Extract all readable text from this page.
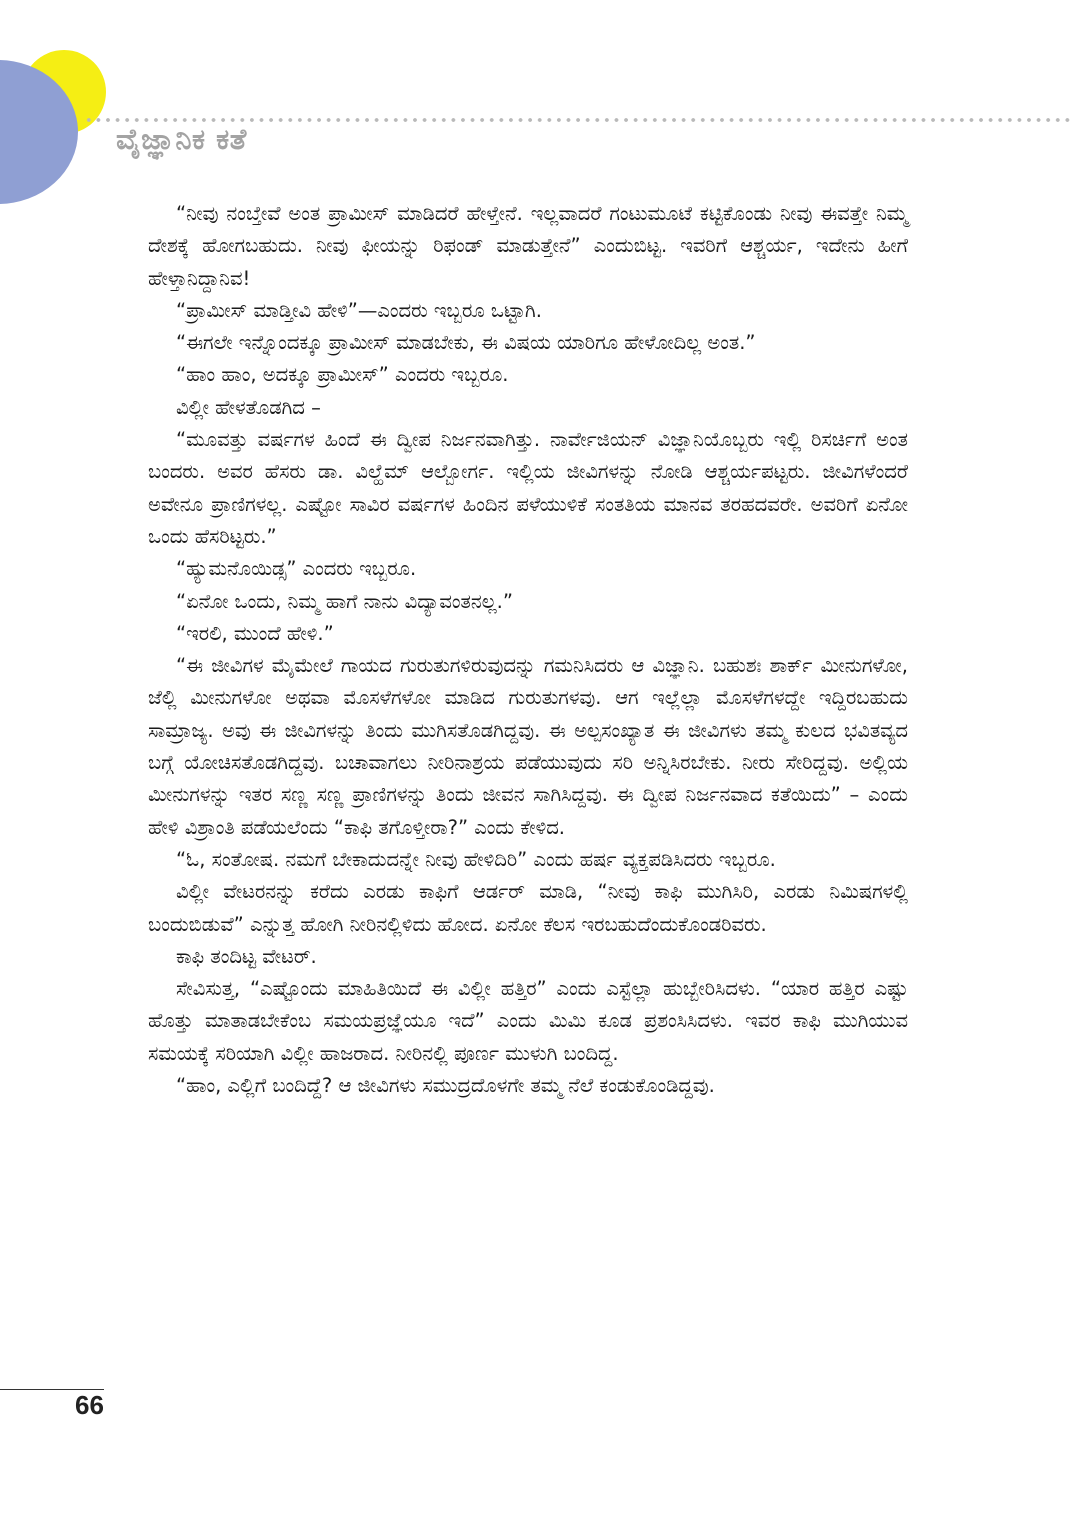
ವೈಜ್ಞಾನಿಕ ಕತೆ

“ನೀವು ನಂಬ್ತೇವೆ ಅಂತ ಪ್ರಾಮೀಸ್ ಮಾಡಿದರೆ ಹೇಳ್ತೇನೆ. ಇಲ್ಲವಾದರೆ ಗಂಟುಮೂಟೆ ಕಟ್ಟಿಕೊಂಡು ನೀವು ಈವತ್ತೇ ನಿಮ್ಮ ದೇಶಕ್ಕೆ ಹೋಗಬಹುದು. ನೀವು ಫೀಯನ್ನು ರಿಫಂಡ್ ಮಾಡುತ್ತೇನೆ” ಎಂದುಬಿಟ್ಟ. ಇವರಿಗೆ ಆಶ್ಚರ್ಯ, ಇದೇನು ಹೀಗೆ ಹೇಳ್ತಾನಿದ್ದಾನಿವ!

“ಪ್ರಾಮೀಸ್ ಮಾಡ್ತೀವಿ ಹೇಳಿ”—ಎಂದರು ಇಬ್ಬರೂ ಒಟ್ಟಾಗಿ.

“ಈಗಲೇ ಇನ್ನೊಂದಕ್ಕೂ ಪ್ರಾಮೀಸ್ ಮಾಡಬೇಕು, ಈ ವಿಷಯ ಯಾರಿಗೂ ಹೇಳೋದಿಲ್ಲ ಅಂತ.”

“ಹಾಂ ಹಾಂ, ಅದಕ್ಕೂ ಪ್ರಾಮೀಸ್” ಎಂದರು ಇಬ್ಬರೂ.

ವಿಲ್ಲೀ ಹೇಳತೊಡಗಿದ –

“ಮೂವತ್ತು ವರ್ಷಗಳ ಹಿಂದೆ ಈ ದ್ವೀಪ ನಿರ್ಜನವಾಗಿತ್ತು. ನಾರ್ವೇಜಿಯನ್ ವಿಜ್ಞಾನಿಯೊಬ್ಬರು ಇಲ್ಲಿ ರಿಸರ್ಚಿಗೆ ಅಂತ ಬಂದರು. ಅವರ ಹೆಸರು ಡಾ. ವಿಲ್ಹೆಮ್ ಆಲ್ಬೋರ್ಗ. ಇಲ್ಲಿಯ ಜೀವಿಗಳನ್ನು ನೋಡಿ ಆಶ್ಚರ್ಯಪಟ್ಟರು. ಜೀವಿಗಳೆಂದರೆ ಅವೇನೂ ಪ್ರಾಣಿಗಳಲ್ಲ. ಎಷ್ಟೋ ಸಾವಿರ ವರ್ಷಗಳ ಹಿಂದಿನ ಪಳೆಯುಳಿಕೆ ಸಂತತಿಯ ಮಾನವ ತರಹದವರೇ. ಅವರಿಗೆ ಏನೋ ಒಂದು ಹೆಸರಿಟ್ಟರು.”

“ಹ್ಯುಮನೊಯಿಡ್ಸ” ಎಂದರು ಇಬ್ಬರೂ.

“ಏನೋ ಒಂದು, ನಿಮ್ಮ ಹಾಗೆ ನಾನು ವಿದ್ಯಾವಂತನಲ್ಲ.”

“ಇರಲಿ, ಮುಂದೆ ಹೇಳಿ.”

“ಈ ಜೀವಿಗಳ ಮೈಮೇಲೆ ಗಾಯದ ಗುರುತುಗಳಿರುವುದನ್ನು ಗಮನಿಸಿದರು ಆ ವಿಜ್ಞಾನಿ. ಬಹುಶಃ ಶಾರ್ಕ್ ಮೀನುಗಳೋ, ಜೆಲ್ಲಿ ಮೀನುಗಳೋ ಅಥವಾ ಮೊಸಳೆಗಳೋ ಮಾಡಿದ ಗುರುತುಗಳವು. ಆಗ ಇಲ್ಲೆಲ್ಲಾ ಮೊಸಳೆಗಳದ್ದೇ ಇದ್ದಿರಬಹುದು ಸಾಮ್ರಾಜ್ಯ. ಅವು ಈ ಜೀವಿಗಳನ್ನು ತಿಂದು ಮುಗಿಸತೊಡಗಿದ್ದವು. ಈ ಅಲ್ಪಸಂಖ್ಯಾತ ಈ ಜೀವಿಗಳು ತಮ್ಮ ಕುಲದ ಭವಿತವ್ಯದ ಬಗ್ಗೆ ಯೋಚಿಸತೊಡಗಿದ್ದವು. ಬಚಾವಾಗಲು ನೀರಿನಾಶ್ರಯ ಪಡೆಯುವುದು ಸರಿ ಅನ್ನಿಸಿರಬೇಕು. ನೀರು ಸೇರಿದ್ದವು. ಅಲ್ಲಿಯ ಮೀನುಗಳನ್ನು ಇತರ ಸಣ್ಣ ಸಣ್ಣ ಪ್ರಾಣಿಗಳನ್ನು ತಿಂದು ಜೀವನ ಸಾಗಿಸಿದ್ದವು. ಈ ದ್ವೀಪ ನಿರ್ಜನವಾದ ಕತೆಯಿದು” – ಎಂದು ಹೇಳಿ ವಿಶ್ರಾಂತಿ ಪಡೆಯಲೆಂದು “ಕಾಫಿ ತಗೊಳ್ತೀರಾ?” ಎಂದು ಕೇಳಿದ.

“ಓ, ಸಂತೋಷ. ನಮಗೆ ಬೇಕಾದುದನ್ನೇ ನೀವು ಹೇಳಿದಿರಿ” ಎಂದು ಹರ್ಷ ವ್ಯಕ್ತಪಡಿಸಿದರು ಇಬ್ಬರೂ.

ವಿಲ್ಲೀ ವೇಟರನನ್ನು ಕರೆದು ಎರಡು ಕಾಫಿಗೆ ಆರ್ಡರ್ ಮಾಡಿ, “ನೀವು ಕಾಫಿ ಮುಗಿಸಿರಿ, ಎರಡು ನಿಮಿಷಗಳಲ್ಲಿ ಬಂದುಬಿಡುವೆ” ಎನ್ನುತ್ತ ಹೋಗಿ ನೀರಿನಲ್ಲಿಳಿದು ಹೋದ. ಏನೋ ಕೆಲಸ ಇರಬಹುದೆಂದುಕೊಂಡರಿವರು.

ಕಾಫಿ ತಂದಿಟ್ಟ ವೇಟರ್.

ಸೇವಿಸುತ್ತ, “ಎಷ್ಟೊಂದು ಮಾಹಿತಿಯಿದೆ ಈ ವಿಲ್ಲೀ ಹತ್ತಿರ” ಎಂದು ಎಸ್ಟೆಲ್ಲಾ ಹುಬ್ಬೇರಿಸಿದಳು. “ಯಾರ ಹತ್ತಿರ ಎಷ್ಟು ಹೊತ್ತು ಮಾತಾಡಬೇಕೆಂಬ ಸಮಯಪ್ರಜ್ಞೆಯೂ ಇದೆ” ಎಂದು ಮಿಮಿ ಕೂಡ ಪ್ರಶಂಸಿಸಿದಳು. ಇವರ ಕಾಫಿ ಮುಗಿಯುವ ಸಮಯಕ್ಕೆ ಸರಿಯಾಗಿ ವಿಲ್ಲೀ ಹಾಜರಾದ. ನೀರಿನಲ್ಲಿ ಪೂರ್ಣ ಮುಳುಗಿ ಬಂದಿದ್ದ.

“ಹಾಂ, ಎಲ್ಲಿಗೆ ಬಂದಿದ್ದೆ? ಆ ಜೀವಿಗಳು ಸಮುದ್ರದೊಳಗೇ ತಮ್ಮ ನೆಲೆ ಕಂಡುಕೊಂಡಿದ್ದವು.

66
